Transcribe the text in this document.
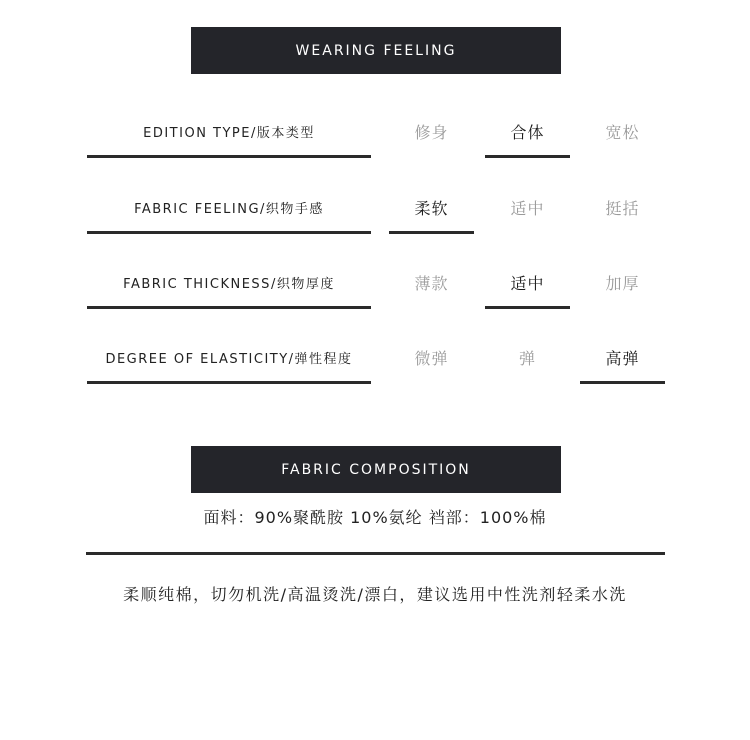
WEARING FEELING
EDITION TYPE/版本类型	修身	合体	宽松
FABRIC FEELING/织物手感	柔软	适中	挺括
FABRIC THICKNESS/织物厚度	薄款	适中	加厚
DEGREE OF ELASTICITY/弹性程度	微弹	弹	高弹
FABRIC COMPOSITION
面料：90%聚酰胺 10%氨纶 裆部：100%棉
柔顺纯棉，切勿机洗/高温烫洗/漂白，建议选用中性洗剂轻柔水洗
